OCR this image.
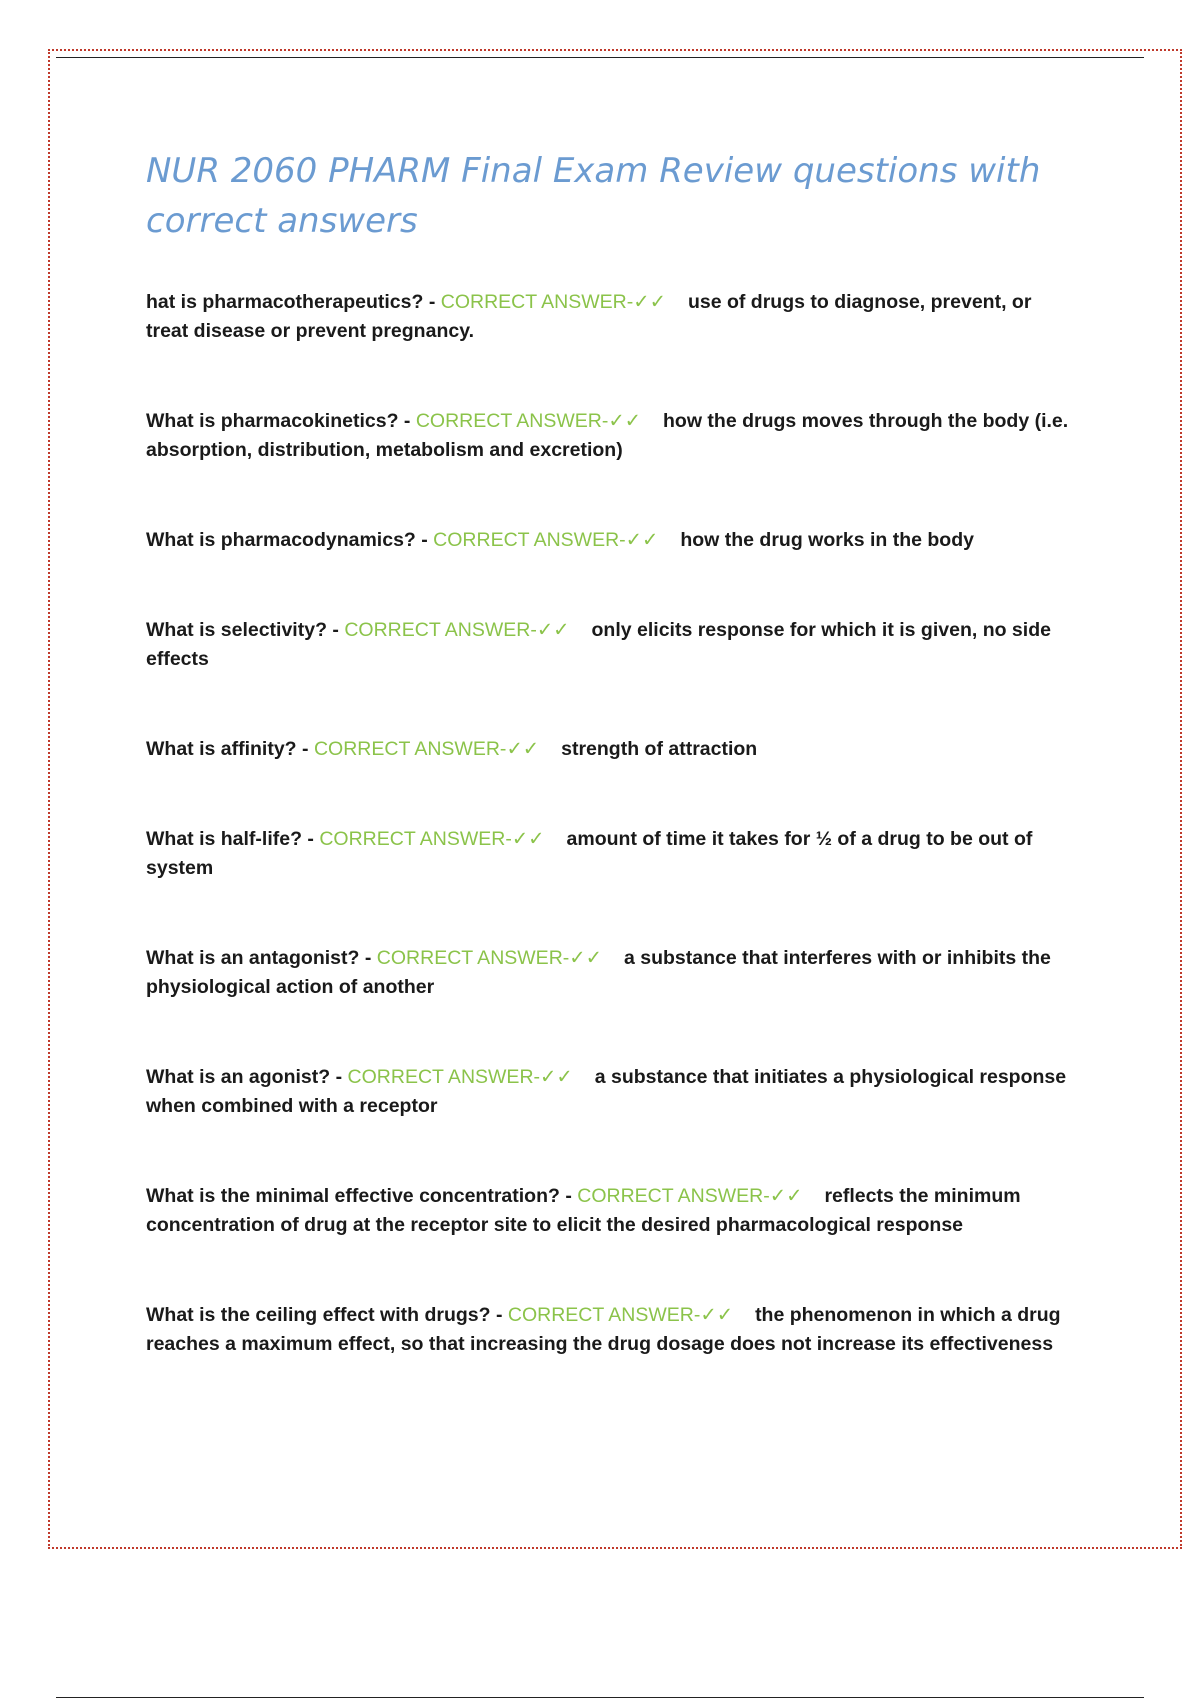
NUR 2060 PHARM Final Exam Review questions with correct answers
hat is pharmacotherapeutics? - CORRECT ANSWER-✓✓ use of drugs to diagnose, prevent, or treat disease or prevent pregnancy.
What is pharmacokinetics? - CORRECT ANSWER-✓✓ how the drugs moves through the body (i.e. absorption, distribution, metabolism and excretion)
What is pharmacodynamics? - CORRECT ANSWER-✓✓ how the drug works in the body
What is selectivity? - CORRECT ANSWER-✓✓ only elicits response for which it is given, no side effects
What is affinity? - CORRECT ANSWER-✓✓ strength of attraction
What is half-life? - CORRECT ANSWER-✓✓ amount of time it takes for ½ of a drug to be out of system
What is an antagonist? - CORRECT ANSWER-✓✓ a substance that interferes with or inhibits the physiological action of another
What is an agonist? - CORRECT ANSWER-✓✓ a substance that initiates a physiological response when combined with a receptor
What is the minimal effective concentration? - CORRECT ANSWER-✓✓ reflects the minimum concentration of drug at the receptor site to elicit the desired pharmacological response
What is the ceiling effect with drugs? - CORRECT ANSWER-✓✓ the phenomenon in which a drug reaches a maximum effect, so that increasing the drug dosage does not increase its effectiveness
